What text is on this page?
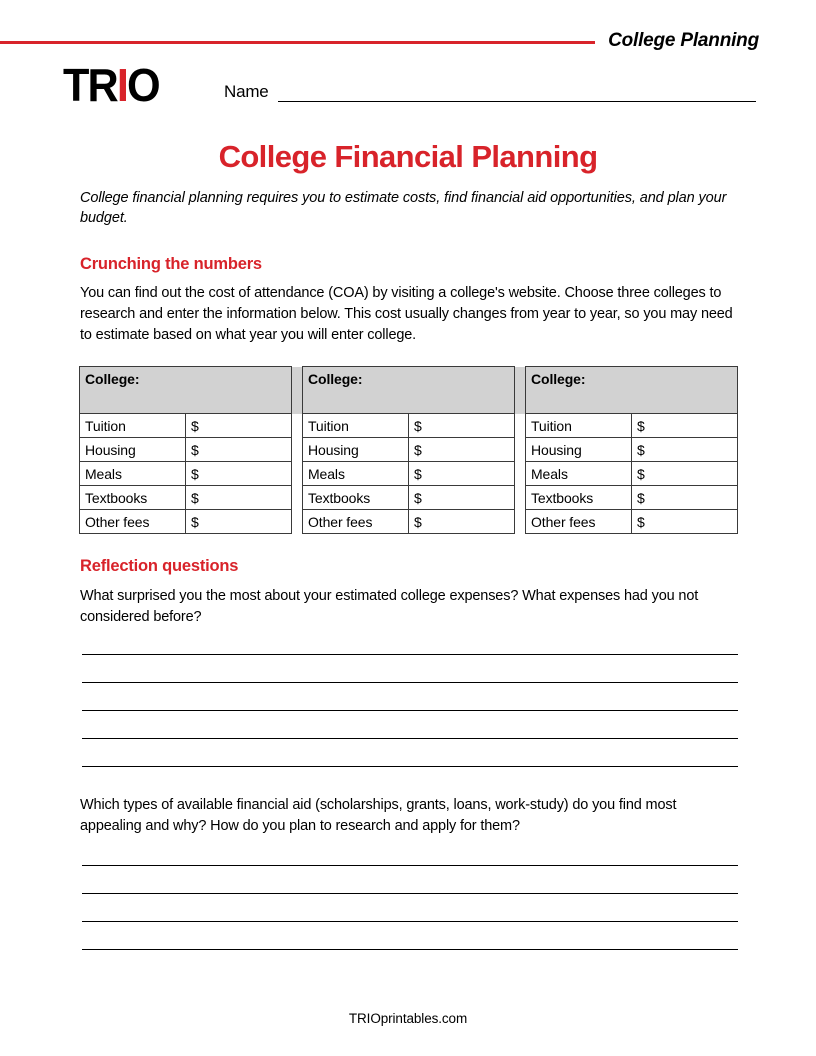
College Planning
TRIO	Name
College Financial Planning

College financial planning requires you to estimate costs, find financial aid opportunities, and plan your budget.

Crunching the numbers

You can find out the cost of attendance (COA) by visiting a college's website. Choose three colleges to research and enter the information below. This cost usually changes from year to year, so you may need to estimate based on what year you will enter college.

College:			College:			College:	
Tuition	$		Tuition	$		Tuition	$
Housing	$		Housing	$		Housing	$
Meals	$		Meals	$		Meals	$
Textbooks	$		Textbooks	$		Textbooks	$
Other fees	$		Other fees	$		Other fees	$
Reflection questions

What surprised you the most about your estimated college expenses? What expenses had you not considered before?

Which types of available financial aid (scholarships, grants, loans, work-study) do you find most appealing and why? How do you plan to research and apply for them?

TRIOprintables.com
